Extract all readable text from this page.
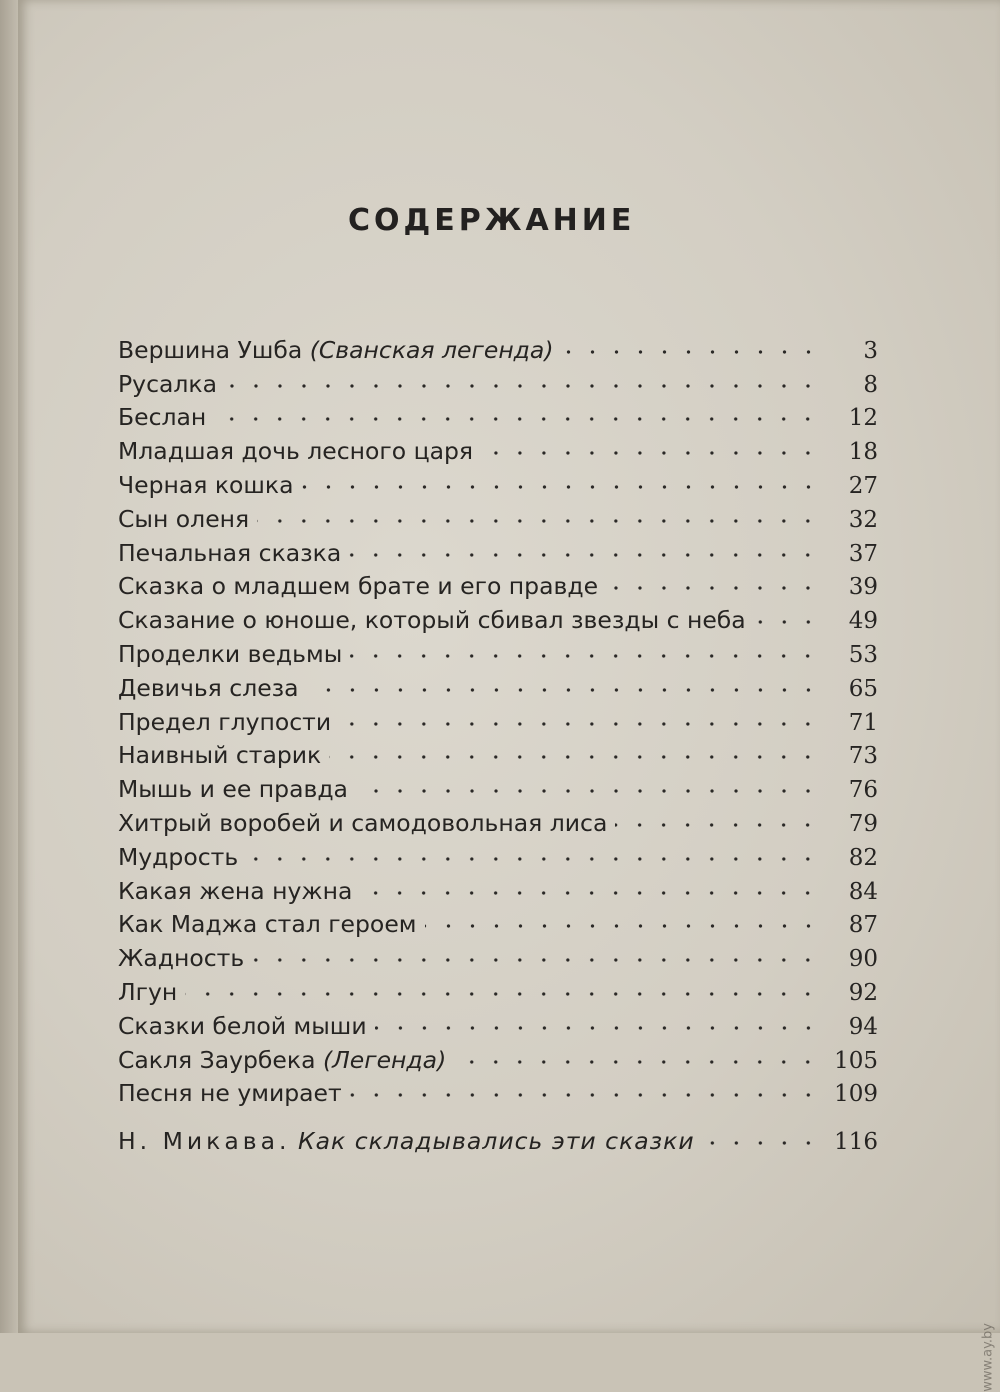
СОДЕРЖАНИЕ
Вершина Ушба (Сванская легенда)	3
Русалка	8
Беслан	12
Младшая дочь лесного царя	18
Черная кошка	27
Сын оленя	32
Печальная сказка	37
Сказка о младшем брате и его правде	39
Сказание о юноше, который сбивал звезды с неба	49
Проделки ведьмы	53
Девичья слеза	65
Предел глупости	71
Наивный старик	73
Мышь и ее правда	76
Хитрый воробей и самодовольная лиса	79
Мудрость	82
Какая жена нужна	84
Как Маджа стал героем	87
Жадность	90
Лгун	92
Сказки белой мыши	94
Сакля Заурбека (Легенда)	105
Песня не умирает	109
Н. Микава. Как складывались эти сказки	116
www.ay.by
